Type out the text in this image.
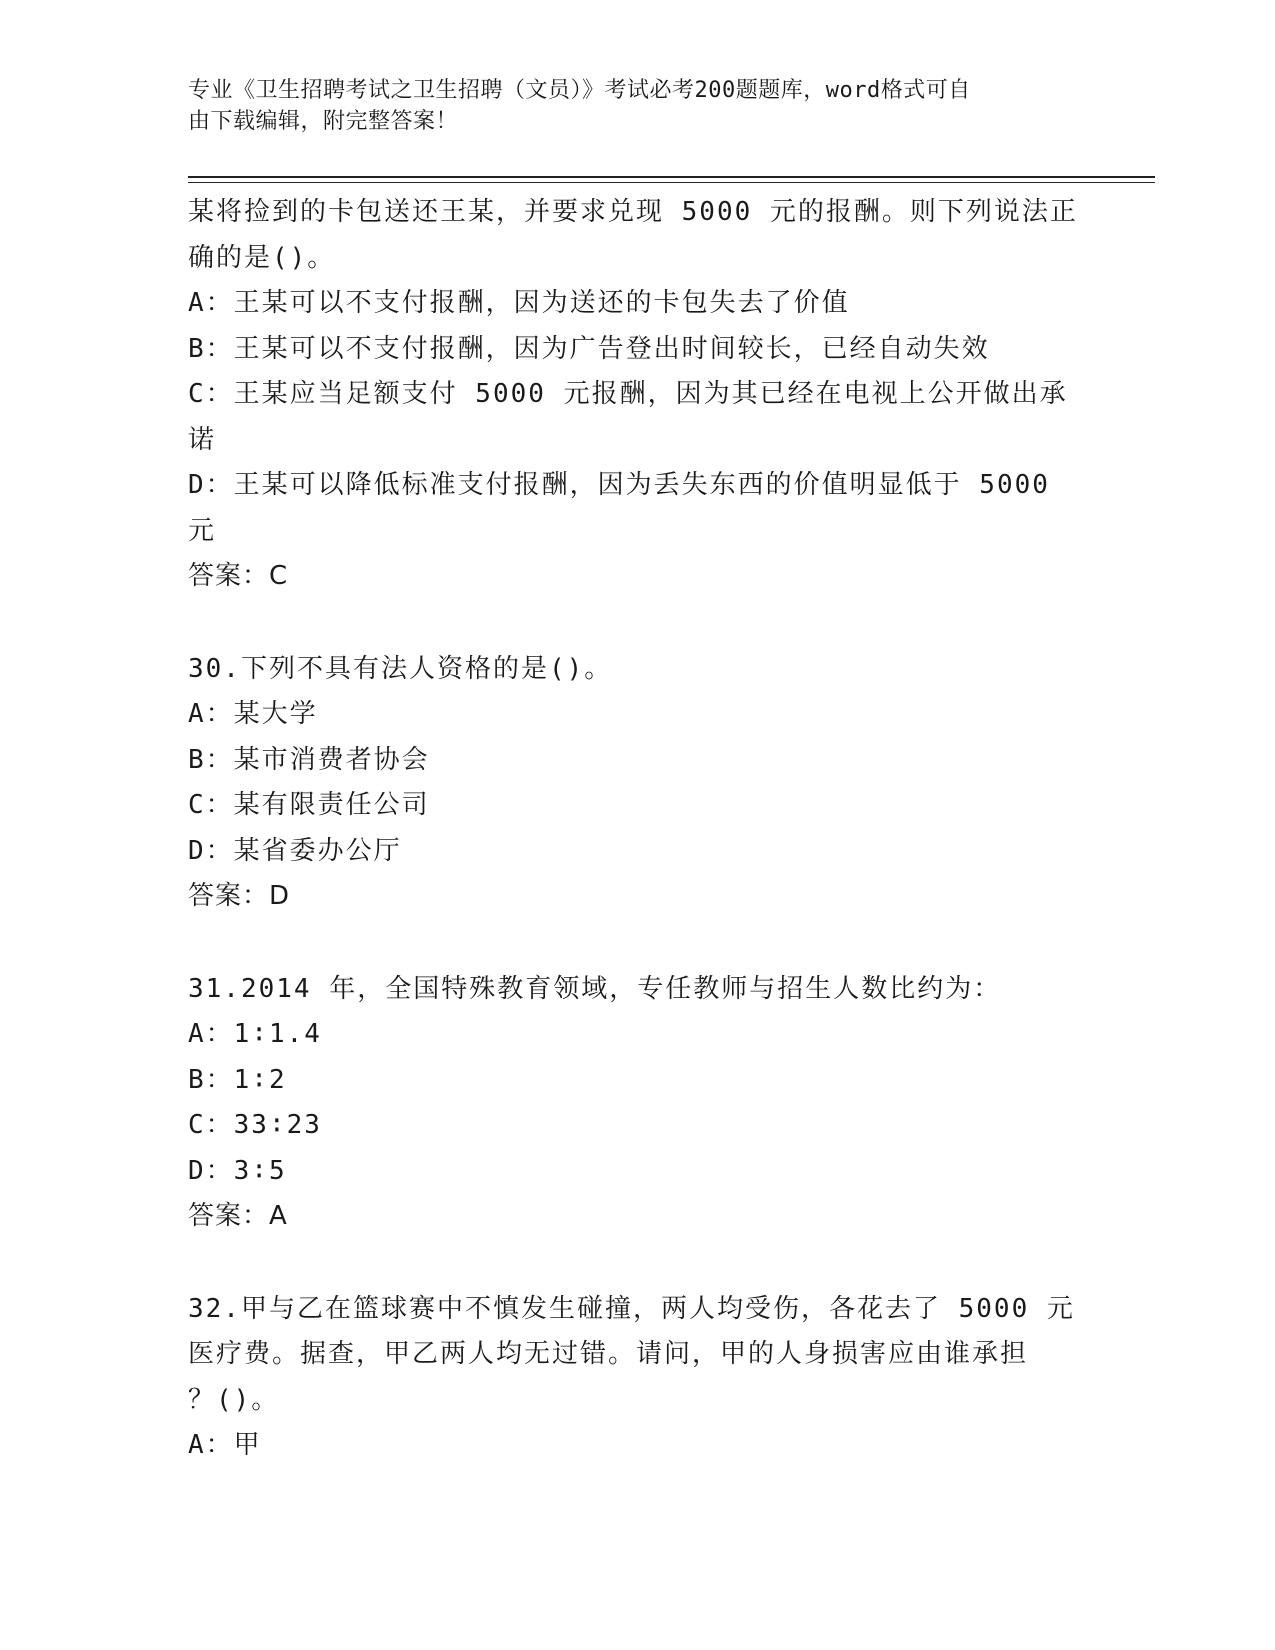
专业《卫生招聘考试之卫生招聘（文员）》考试必考200题题库，word格式可自
由下载编辑，附完整答案！
某将捡到的卡包送还王某，并要求兑现 5000 元的报酬。则下列说法正
确的是()。
A：王某可以不支付报酬，因为送还的卡包失去了价值
B：王某可以不支付报酬，因为广告登出时间较长，已经自动失效
C：王某应当足额支付 5000 元报酬，因为其已经在电视上公开做出承
诺
D：王某可以降低标准支付报酬，因为丢失东西的价值明显低于 5000
元
答案：C
30.下列不具有法人资格的是()。
A：某大学
B：某市消费者协会
C：某有限责任公司
D：某省委办公厅
答案：D
31.2014 年，全国特殊教育领域，专任教师与招生人数比约为：
A：1∶1.4
B：1∶2
C：33∶23
D：3∶5
答案：A
32.甲与乙在篮球赛中不慎发生碰撞，两人均受伤，各花去了 5000 元
医疗费。据查，甲乙两人均无过错。请问，甲的人身损害应由谁承担
？()。
A：甲
